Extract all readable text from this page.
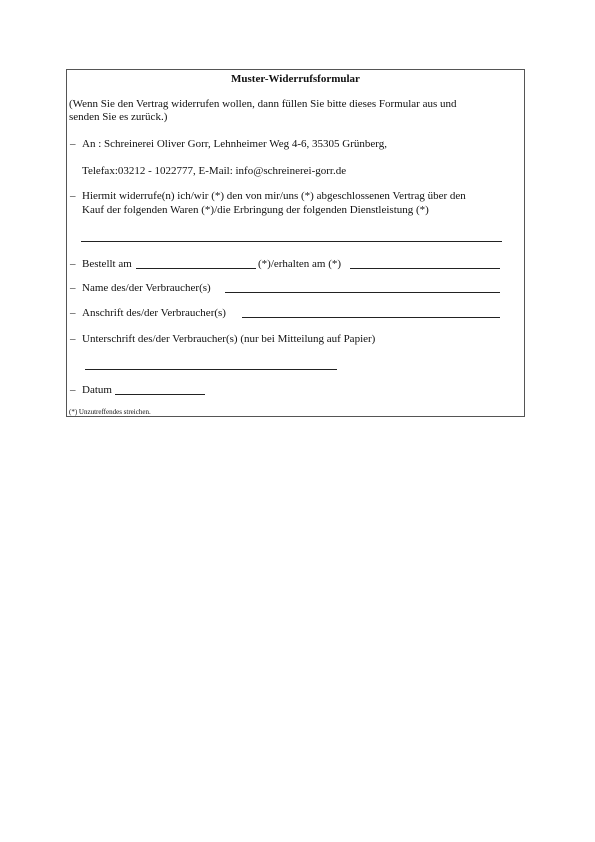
Muster-Widerrufsformular
(Wenn Sie den Vertrag widerrufen wollen, dann füllen Sie bitte dieses Formular aus und
senden Sie es zurück.)
– An : Schreinerei Oliver Gorr, Lehnheimer Weg 4-6, 35305 Grünberg,
Telefax:03212 - 1022777, E-Mail: info@schreinerei-gorr.de
– Hiermit widerrufe(n) ich/wir (*) den von mir/uns (*) abgeschlossenen Vertrag über den
Kauf der folgenden Waren (*)/die Erbringung der folgenden Dienstleistung (*)
– Bestellt am	(*)/erhalten am (*)
– Name des/der Verbraucher(s)
– Anschrift des/der Verbraucher(s)
– Unterschrift des/der Verbraucher(s) (nur bei Mitteilung auf Papier)
– Datum
(*) Unzutreffendes streichen.
